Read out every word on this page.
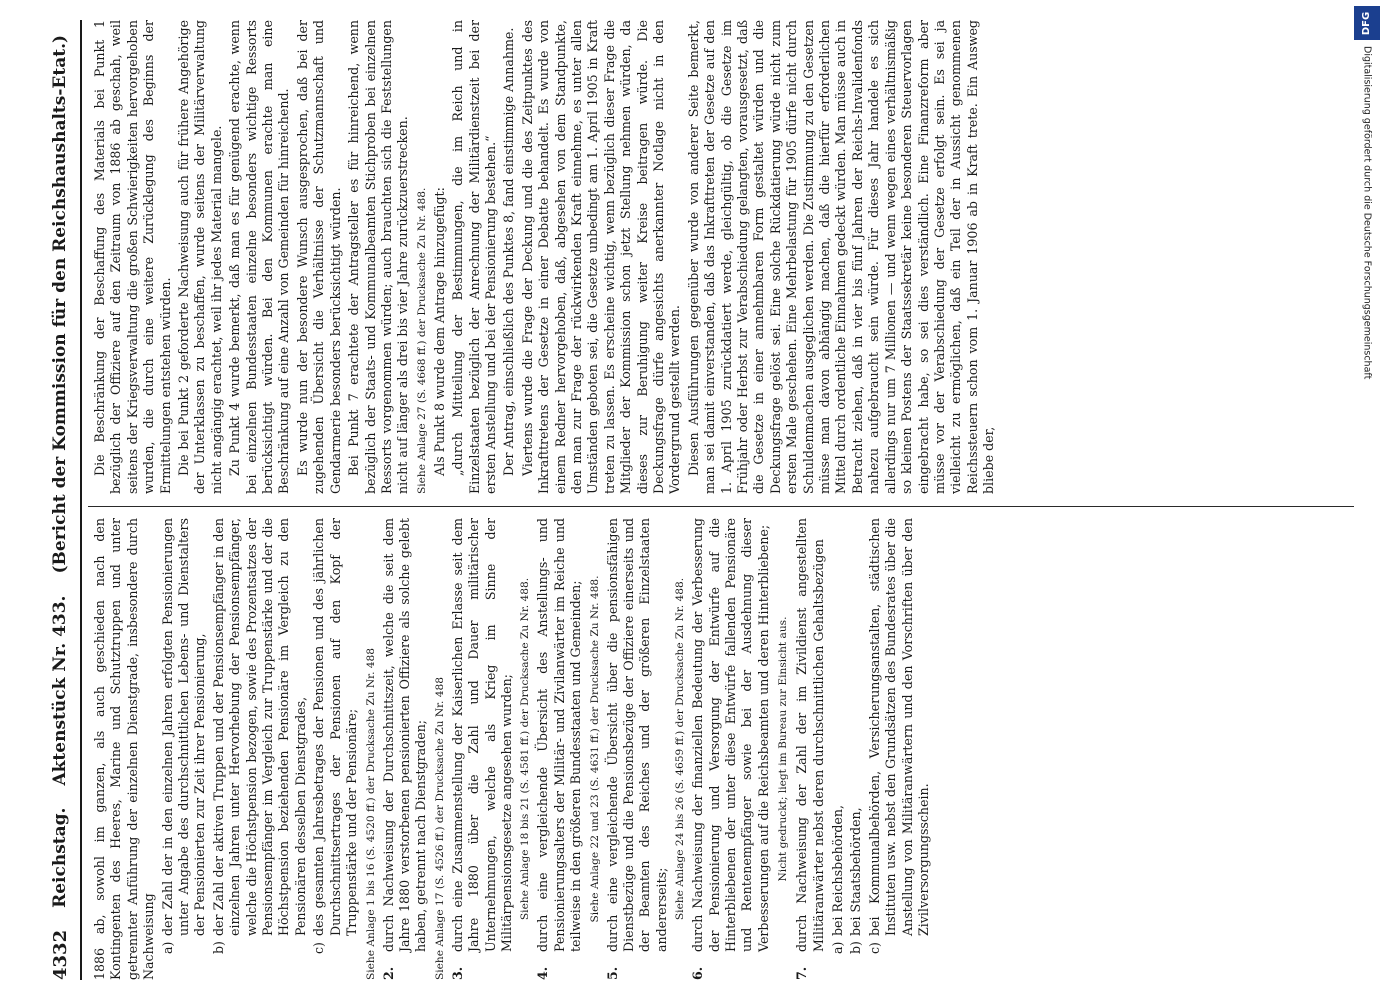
4332
Reichstag.
Aktenstück Nr. 433.
(Bericht der Kommission für den Reichshaushalts-Etat.)

1886 ab, sowohl im ganzen, als auch geschieden nach den Kontingenten des Heeres, Marine und Schutztruppen und unter getrennter Anführung der einzelnen Dienstgrade, insbesondere durch Nachweisung a)
der Zahl der in den einzelnen Jahren erfolgten Pensionierungen unter Angabe des durchschnittlichen Lebens- und Dienstalters der Pensionierten zur Zeit ihrer Pensionierung,
b)
der Zahl der aktiven Truppen und der Pensionsempfänger in den einzelnen Jahren unter Hervorhebung der Pensionsempfänger, welche die Höchstpension bezogen, sowie des Prozentsatzes der Pensionsempfänger im Vergleich zur Truppenstärke und der die Höchstpension beziehenden Pensionäre im Vergleich zu den Pensionären desselben Dienstgrades,
c)
des gesamten Jahresbetrages der Pensionen und des jährlichen Durchschnittsertrages der Pensionen auf den Kopf der Truppenstärke und der Pensionäre; Siehe Anlage 1 bis 16 (S. 4520 ff.) der Drucksache Zu Nr. 488 2.
durch Nachweisung der Durchschnittszeit, welche die seit dem Jahre 1880 verstorbenen pensionierten Offiziere als solche gelebt haben, getrennt nach Dienstgraden; Siehe Anlage 17 (S. 4526 ff.) der Drucksache Zu Nr. 488 3.
durch eine Zusammenstellung der Kaiserlichen Erlasse seit dem Jahre 1880 über die Zahl und Dauer militärischer Unternehmungen, welche als Krieg im Sinne der Militärpensionsgesetze angesehen wurden; Siehe Anlage 18 bis 21 (S. 4581 ff.) der Drucksache Zu Nr. 488.

4.
durch eine vergleichende Übersicht des Anstellungs- und Pensionierungsalters der Militär- und Zivilanwärter im Reiche und teilweise in den größeren Bundesstaaten und Gemeinden; Siehe Anlage 22 und 23 (S. 4631 ff.) der Drucksache Zu Nr. 488.

5.
durch eine vergleichende Übersicht über die pensionsfähigen Dienstbezüge und die Pensionsbezüge der Offiziere einerseits und der Beamten des Reiches und der größeren Einzelstaaten andererseits; Siehe Anlage 24 bis 26 (S. 4659 ff.) der Drucksache Zu Nr. 488.

6.
durch Nachweisung der finanziellen Bedeutung der Verbesserung der Pensionierung und Versorgung der Entwürfe auf die Hinterbliebenen der unter diese Entwürfe fallenden Pensionäre und Rentenempfänger sowie bei der Ausdehnung dieser Verbesserungen auf die Reichsbeamten und deren Hinterbliebene; Nicht gedruckt; liegt im Bureau zur Einsicht aus.

7.
durch Nachweisung der Zahl der im Zivildienst angestellten Militäranwärter nebst deren durchschnittlichen Gehaltsbezügen a)
bei Reichsbehörden,
b)
bei Staatsbehörden,
c)
bei Kommunalbehörden, Versicherungsanstalten, städtischen Instituten usw. nebst den Grundsätzen des Bundesrates über die Anstellung von Militäranwärtern und den Vorschriften über den Zivilversorgungsschein.

Die Beschränkung der Beschaffung des Materials bei Punkt 1 bezüglich der Offiziere auf den Zeitraum von 1886 ab geschah, weil seitens der Kriegsverwaltung die großen Schwierigkeiten hervorgehoben wurden, die durch eine weitere Zurücklegung des Beginns der Ermittelungen entstehen würden. Die bei Punkt 2 geforderte Nachweisung auch für frühere Angehörige der Unterklassen zu beschaffen, wurde seitens der Militärverwaltung nicht angängig erachtet, weil ihr jedes Material mangele. Zu Punkt 4 wurde bemerkt, daß man es für genügend erachte, wenn bei einzelnen Bundesstaaten einzelne besonders wichtige Ressorts berücksichtigt würden. Bei den Kommunen erachte man eine Beschränkung auf eine Anzahl von Gemeinden für hinreichend. Es wurde nun der besondere Wunsch ausgesprochen, daß bei der zugehenden Übersicht die Verhältnisse der Schutzmannschaft und Gendarmerie besonders berücksichtigt würden. Bei Punkt 7 erachtete der Antragsteller es für hinreichend, wenn bezüglich der Staats- und Kommunalbeamten Stichproben bei einzelnen Ressorts vorgenommen würden; auch brauchten sich die Feststellungen nicht auf länger als drei bis vier Jahre zurückzuerstrecken. Siehe Anlage 27 (S. 4668 ff.) der Drucksache Zu Nr. 488. Als Punkt 8 wurde dem Antrage hinzugefügt: „durch Mitteilung der Bestimmungen, die im Reich und in Einzelstaaten bezüglich der Anrechnung der Militärdienstzeit bei der ersten Anstellung und bei der Pensionierung bestehen.“ Der Antrag, einschließlich des Punktes 8, fand einstimmige Annahme. Viertens wurde die Frage der Deckung und die des Zeitpunktes des Inkrafttretens der Gesetze in einer Debatte behandelt. Es wurde von einem Redner hervorgehoben, daß, abgesehen von dem Standpunkte, den man zur Frage der rückwirkenden Kraft einnehme, es unter allen Umständen geboten sei, die Gesetze unbedingt am 1. April 1905 in Kraft treten zu lassen. Es erscheine wichtig, wenn bezüglich dieser Frage die Mitglieder der Kommission schon jetzt Stellung nehmen würden, da dieses zur Beruhigung weiter Kreise beitragen würde. Die Deckungsfrage dürfe angesichts anerkannter Notlage nicht in den Vordergrund gestellt werden. Diesen Ausführungen gegenüber wurde von anderer Seite bemerkt, man sei damit einverstanden, daß das Inkrafttreten der Gesetze auf den 1. April 1905 zurückdatiert werde, gleichgültig, ob die Gesetze im Frühjahr oder Herbst zur Verabschiedung gelangten, vorausgesetzt, daß die Gesetze in einer annehmbaren Form gestaltet würden und die Deckungsfrage gelöst sei. Eine solche Rückdatierung würde nicht zum ersten Male geschehen. Eine Mehrbelastung für 1905 dürfe nicht durch Schuldenmachen ausgeglichen werden. Die Zustimmung zu den Gesetzen müsse man davon abhängig machen, daß die hierfür erforderlichen Mittel durch ordentliche Einnahmen gedeckt würden. Man müsse auch in Betracht ziehen, daß in vier bis fünf Jahren der Reichs-Invalidenfonds nahezu aufgebraucht sein würde. Für dieses Jahr handele es sich allerdings nur um 7 Millionen — und wenn wegen eines verhältnismäßig so kleinen Postens der Staatssekretär keine besonderen Steuervorlagen eingebracht habe, so sei dies verständlich. Eine Finanzreform aber müsse vor der Verabschiedung der Gesetze erfolgt sein. Es sei ja vielleicht zu ermöglichen, daß ein Teil der in Aussicht genommenen Reichssteuern schon vom 1. Januar 1906 ab in Kraft trete. Ein Ausweg bliebe der,

DFG
Digitalisierung gefördert durch die Deutsche Forschungsgemeinschaft
